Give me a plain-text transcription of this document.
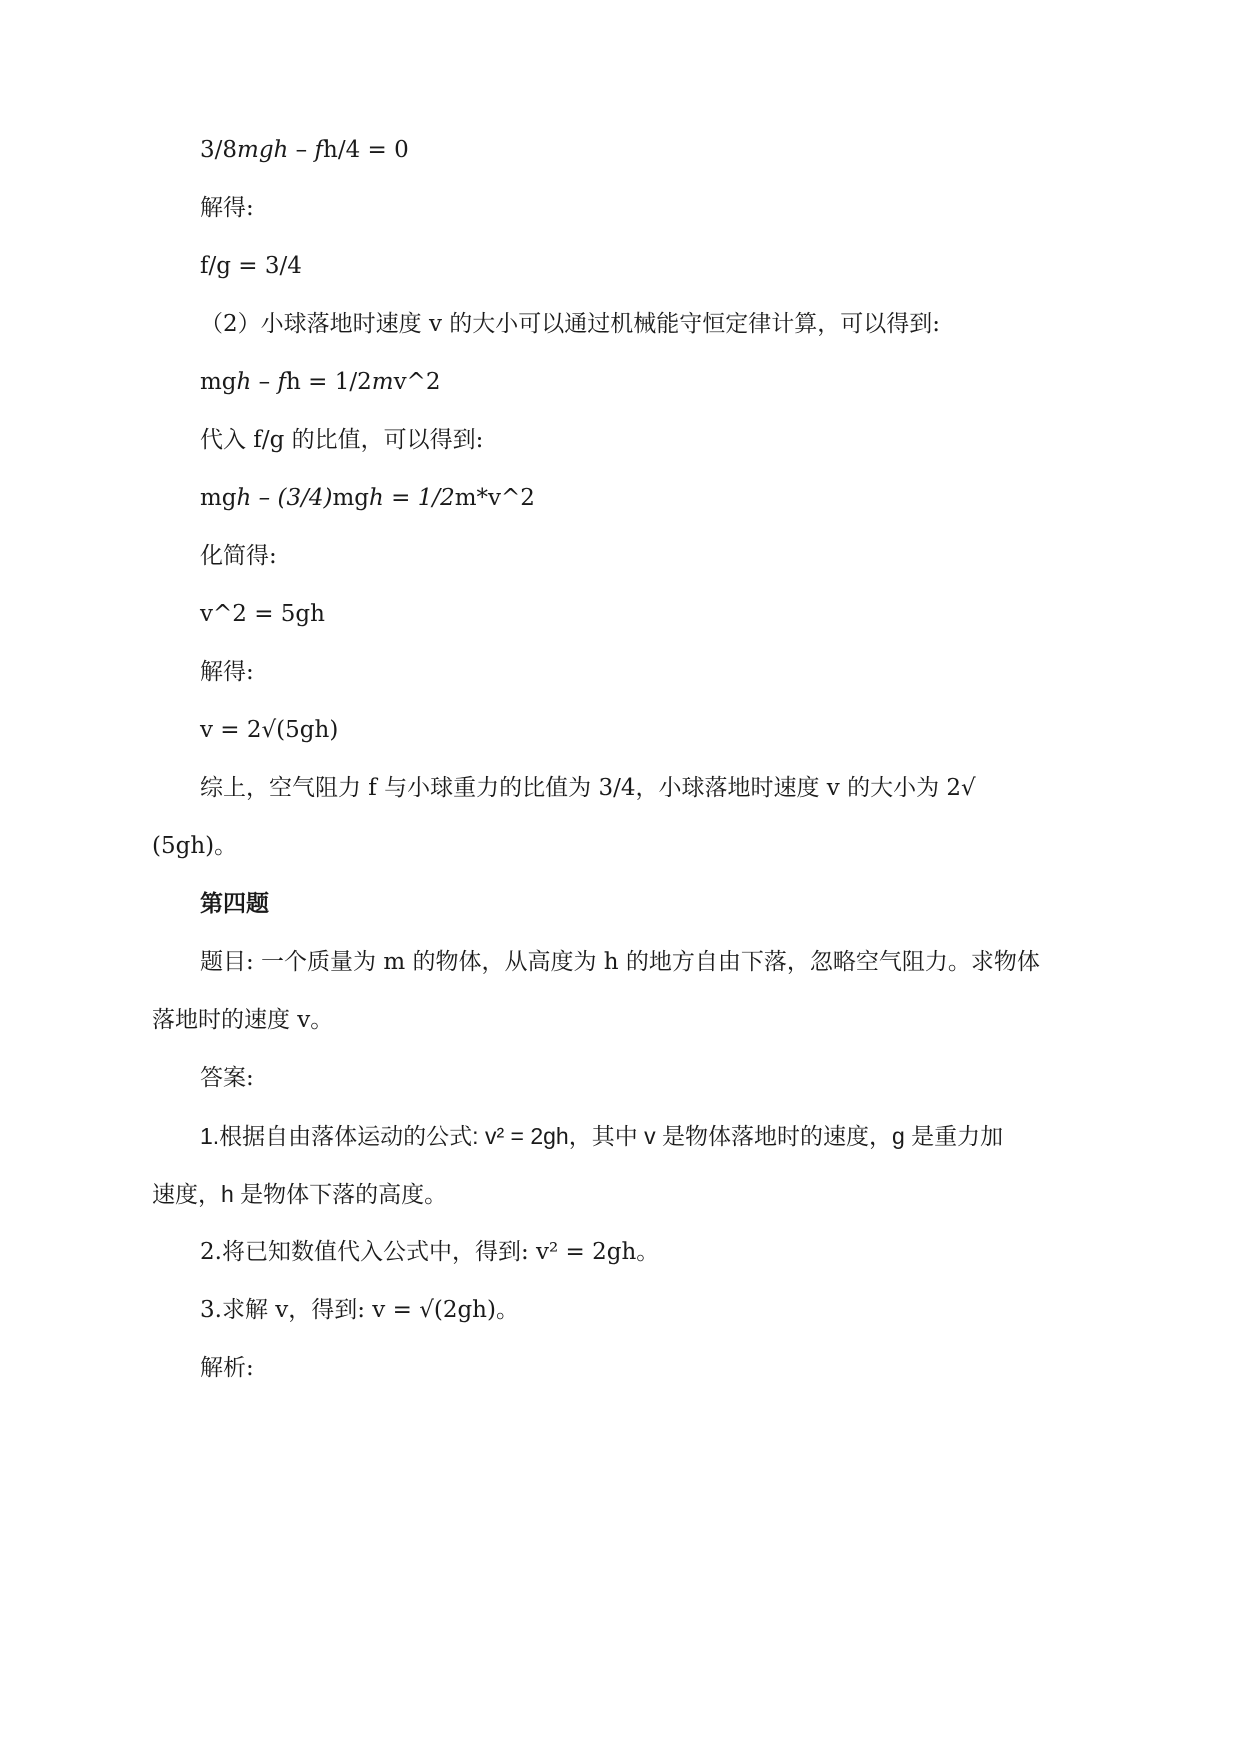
3/8mgh – fh/4 = 0
解得:
f/g = 3/4
（2）小球落地时速度 v 的大小可以通过机械能守恒定律计算，可以得到:
mgh – fh = 1/2mv^2
代入 f/g 的比值，可以得到:
mgh – (3/4)mgh = 1/2m*v^2
化简得:
v^2 = 5gh
解得:
v = 2√(5gh)
综上，空气阻力 f 与小球重力的比值为 3/4，小球落地时速度 v 的大小为 2√
(5gh)。
第四题
题目: 一个质量为 m 的物体，从高度为 h 的地方自由下落，忽略空气阻力。求物体
落地时的速度 v。
答案:
1.根据自由落体运动的公式: v² = 2gh，其中 v 是物体落地时的速度，g 是重力加
速度，h 是物体下落的高度。
2.将已知数值代入公式中，得到: v² = 2gh。
3.求解 v，得到: v = √(2gh)。
解析:
